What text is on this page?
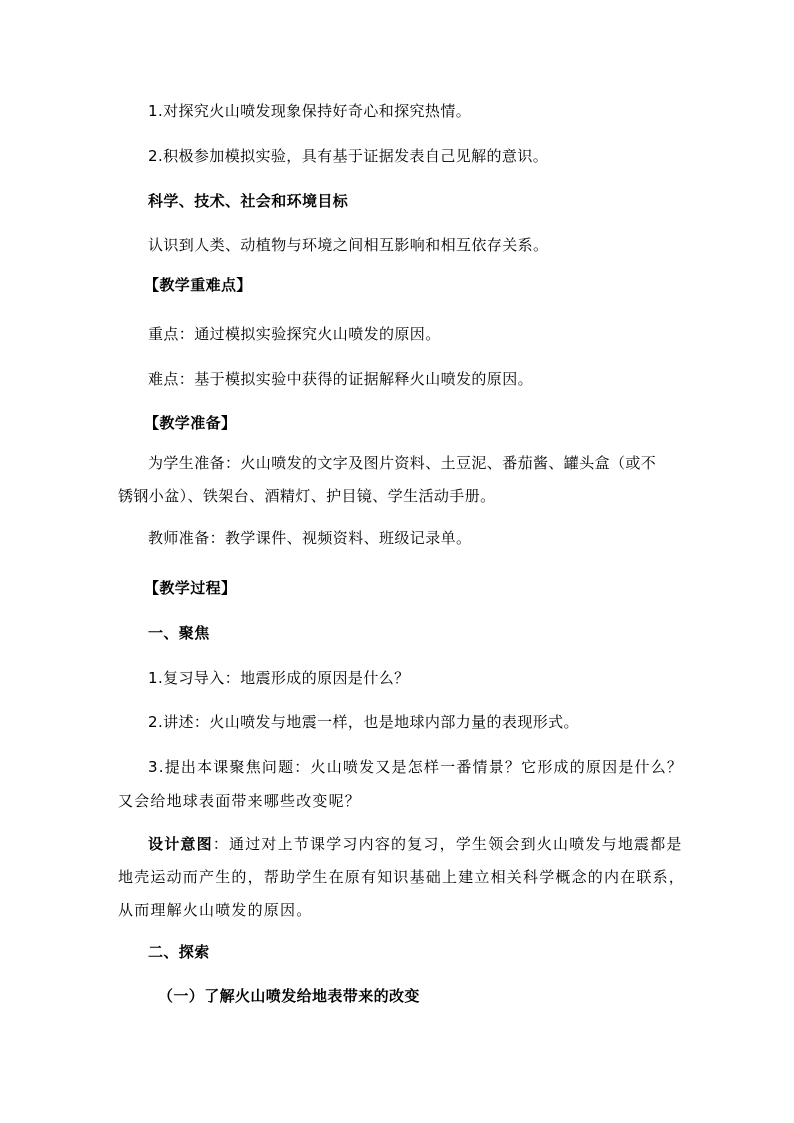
1.对探究火山喷发现象保持好奇心和探究热情。
2.积极参加模拟实验，具有基于证据发表自己见解的意识。
科学、技术、社会和环境目标
认识到人类、动植物与环境之间相互影响和相互依存关系。
【教学重难点】
重点：通过模拟实验探究火山喷发的原因。
难点：基于模拟实验中获得的证据解释火山喷发的原因。
【教学准备】
为学生准备：火山喷发的文字及图片资料、土豆泥、番茄酱、罐头盒（或不
锈钢小盆）、铁架台、酒精灯、护目镜、学生活动手册。
教师准备：教学课件、视频资料、班级记录单。
【教学过程】
一、聚焦
1.复习导入：地震形成的原因是什么？
2.讲述：火山喷发与地震一样，也是地球内部力量的表现形式。
3.提出本课聚焦问题：火山喷发又是怎样一番情景？它形成的原因是什么？
又会给地球表面带来哪些改变呢？
设计意图：通过对上节课学习内容的复习，学生领会到火山喷发与地震都是
地壳运动而产生的，帮助学生在原有知识基础上建立相关科学概念的内在联系，
从而理解火山喷发的原因。
二、探索
（一）了解火山喷发给地表带来的改变
